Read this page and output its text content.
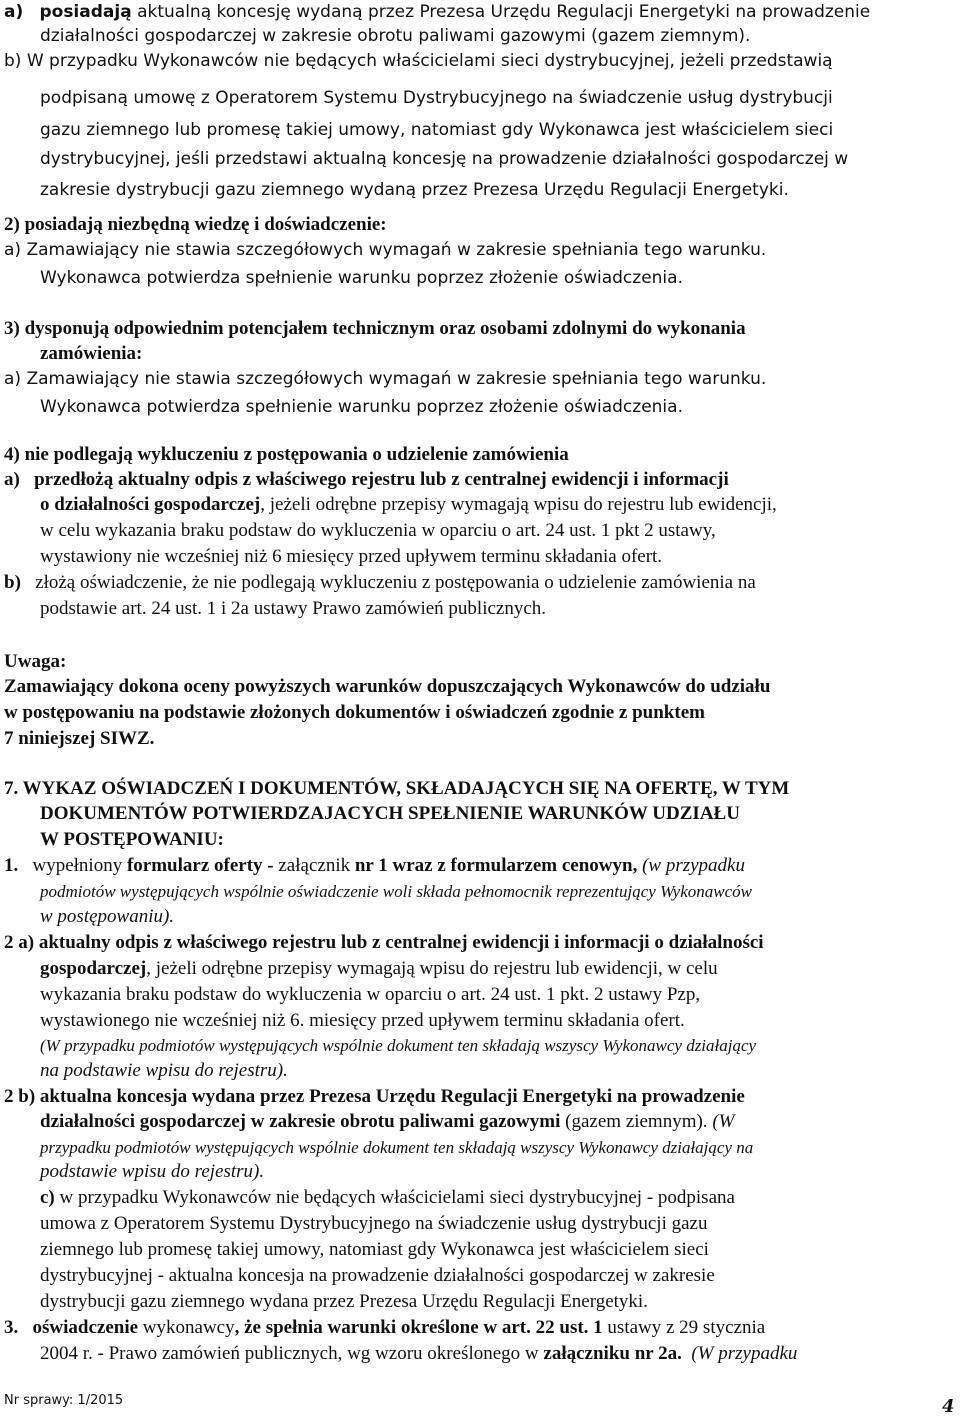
a) posiadają aktualną koncesję wydaną przez Prezesa Urzędu Regulacji Energetyki na prowadzenie
działalności gospodarczej w zakresie obrotu paliwami gazowymi (gazem ziemnym).
b) W przypadku Wykonawców nie będących właścicielami sieci dystrybucyjnej, jeżeli przedstawią
podpisaną umowę z Operatorem Systemu Dystrybucyjnego na świadczenie usług dystrybucji
gazu ziemnego lub promesę takiej umowy, natomiast gdy Wykonawca jest właścicielem sieci
dystrybucyjnej, jeśli przedstawi aktualną koncesję na prowadzenie działalności gospodarczej w
zakresie dystrybucji gazu ziemnego wydaną przez Prezesa Urzędu Regulacji Energetyki.
2) posiadają niezbędną wiedzę i doświadczenie:
a) Zamawiający nie stawia szczegółowych wymagań w zakresie spełniania tego warunku.
Wykonawca potwierdza spełnienie warunku poprzez złożenie oświadczenia.
3) dysponują odpowiednim potencjałem technicznym oraz osobami zdolnymi do wykonania
zamówienia:
a) Zamawiający nie stawia szczegółowych wymagań w zakresie spełniania tego warunku.
Wykonawca potwierdza spełnienie warunku poprzez złożenie oświadczenia.
4) nie podlegają wykluczeniu z postępowania o udzielenie zamówienia
a)   przedłożą aktualny odpis z właściwego rejestru lub z centralnej ewidencji i informacji
o działalności gospodarczej, jeżeli odrębne przepisy wymagają wpisu do rejestru lub ewidencji,
w celu wykazania braku podstaw do wykluczenia w oparciu o art. 24 ust. 1 pkt 2 ustawy,
wystawiony nie wcześniej niż 6 miesięcy przed upływem terminu składania ofert.
b)   złożą oświadczenie, że nie podlegają wykluczeniu z postępowania o udzielenie zamówienia na
podstawie art. 24 ust. 1 i 2a ustawy Prawo zamówień publicznych.
Uwaga:
Zamawiający dokona oceny powyższych warunków dopuszczających Wykonawców do udziału
w postępowaniu na podstawie złożonych dokumentów i oświadczeń zgodnie z punktem
7 niniejszej SIWZ.
7. WYKAZ OŚWIADCZEŃ I DOKUMENTÓW, SKŁADAJĄCYCH SIĘ NA OFERTĘ, W TYM
DOKUMENTÓW POTWIERDZAJACYCH SPEŁNIENIE WARUNKÓW UDZIAŁU
W POSTĘPOWANIU:
1.   wypełniony formularz oferty - załącznik nr 1 wraz z formularzem cenowyn, (w przypadku
podmiotów występujących wspólnie oświadczenie woli składa pełnomocnik reprezentujący Wykonawców
w postępowaniu).
2 a) aktualny odpis z właściwego rejestru lub z centralnej ewidencji i informacji o działalności
gospodarczej, jeżeli odrębne przepisy wymagają wpisu do rejestru lub ewidencji, w celu
wykazania braku podstaw do wykluczenia w oparciu o art. 24 ust. 1 pkt. 2 ustawy Pzp,
wystawionego nie wcześniej niż 6. miesięcy przed upływem terminu składania ofert.
(W przypadku podmiotów występujących wspólnie dokument ten składają wszyscy Wykonawcy działający
na podstawie wpisu do rejestru).
2 b) aktualna koncesja wydana przez Prezesa Urzędu Regulacji Energetyki na prowadzenie
działalności gospodarczej w zakresie obrotu paliwami gazowymi (gazem ziemnym). (W
przypadku podmiotów występujących wspólnie dokument ten składają wszyscy Wykonawcy działający na
podstawie wpisu do rejestru).
c) w przypadku Wykonawców nie będących właścicielami sieci dystrybucyjnej - podpisana
umowa z Operatorem Systemu Dystrybucyjnego na świadczenie usług dystrybucji gazu
ziemnego lub promesę takiej umowy, natomiast gdy Wykonawca jest właścicielem sieci
dystrybucyjnej - aktualna koncesja na prowadzenie działalności gospodarczej w zakresie
dystrybucji gazu ziemnego wydana przez Prezesa Urzędu Regulacji Energetyki.
3. oświadczenie wykonawcy, że spełnia warunki określone w art. 22 ust. 1 ustawy z 29 stycznia
2004 r. - Prawo zamówień publicznych, wg wzoru określonego w załączniku nr 2a. (W przypadku
Nr sprawy: 1/2015	4
